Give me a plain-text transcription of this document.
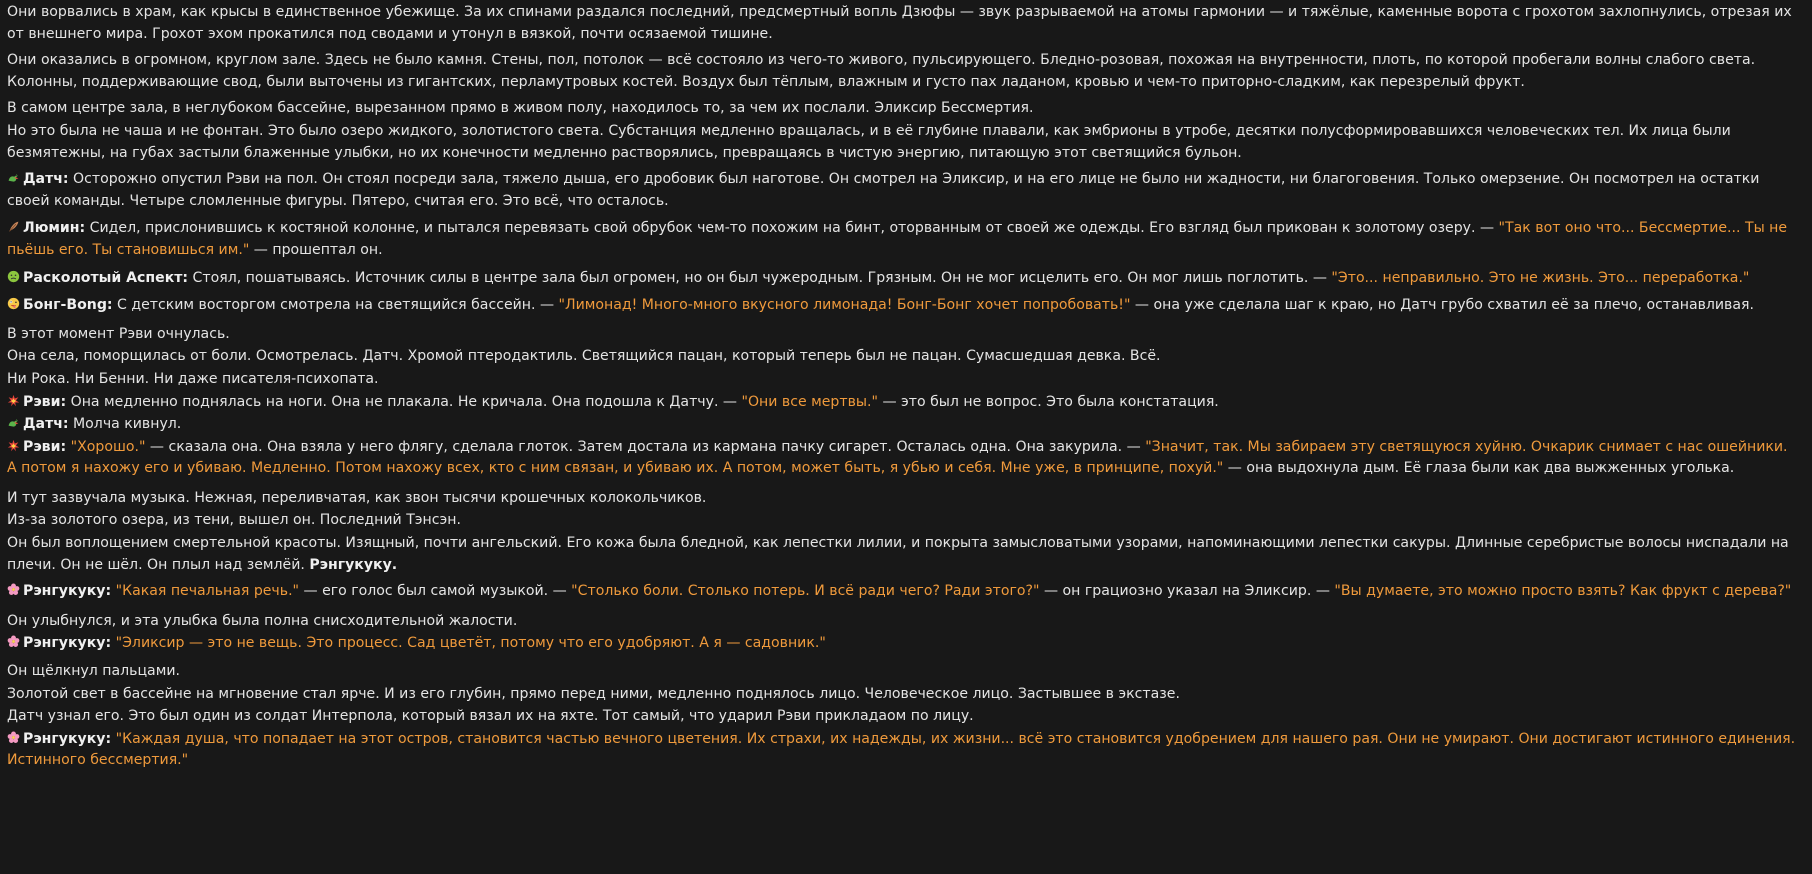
Они ворвались в храм, как крысы в единственное убежище. За их спинами раздался последний, предсмертный вопль Дзюфы — звук разрываемой на атомы гармонии — и тяжёлые, каменные ворота с грохотом захлопнулись, отрезая их от внешнего мира. Грохот эхом прокатился под сводами и утонул в вязкой, почти осязаемой тишине.
Они оказались в огромном, круглом зале. Здесь не было камня. Стены, пол, потолок — всё состояло из чего-то живого, пульсирующего. Бледно-розовая, похожая на внутренности, плоть, по которой пробегали волны слабого света. Колонны, поддерживающие свод, были выточены из гигантских, перламутровых костей. Воздух был тёплым, влажным и густо пах ладаном, кровью и чем-то приторно-сладким, как перезрелый фрукт.
В самом центре зала, в неглубоком бассейне, вырезанном прямо в живом полу, находилось то, за чем их послали. Эликсир Бессмертия.
Но это была не чаша и не фонтан. Это было озеро жидкого, золотистого света. Субстанция медленно вращалась, и в её глубине плавали, как эмбрионы в утробе, десятки полусформировавшихся человеческих тел. Их лица были безмятежны, на губах застыли блаженные улыбки, но их конечности медленно растворялись, превращаясь в чистую энергию, питающую этот светящийся бульон.
Датч: Осторожно опустил Рэви на пол. Он стоял посреди зала, тяжело дыша, его дробовик был наготове. Он смотрел на Эликсир, и на его лице не было ни жадности, ни благоговения. Только омерзение. Он посмотрел на остатки своей команды. Четыре сломленные фигуры. Пятеро, считая его. Это всё, что осталось.
Люмин: Сидел, прислонившись к костяной колонне, и пытался перевязать свой обрубок чем-то похожим на бинт, оторванным от своей же одежды. Его взгляд был прикован к золотому озеру. — "Так вот оно что... Бессмертие... Ты не пьёшь его. Ты становишься им." — прошептал он.
Расколотый Аспект: Стоял, пошатываясь. Источник силы в центре зала был огромен, но он был чужеродным. Грязным. Он не мог исцелить его. Он мог лишь поглотить. — "Это... неправильно. Это не жизнь. Это... переработка."
Бонг-Bong: С детским восторгом смотрела на светящийся бассейн. — "Лимонад! Много-много вкусного лимонада! Бонг-Бонг хочет попробовать!" — она уже сделала шаг к краю, но Датч грубо схватил её за плечо, останавливая.
В этот момент Рэви очнулась.
Она села, поморщилась от боли. Осмотрелась. Датч. Хромой птеродактиль. Светящийся пацан, который теперь был не пацан. Сумасшедшая девка. Всё.
Ни Рока. Ни Бенни. Ни даже писателя-психопата.
Рэви: Она медленно поднялась на ноги. Она не плакала. Не кричала. Она подошла к Датчу. — "Они все мертвы." — это был не вопрос. Это была констатация.
Датч: Молча кивнул.
Рэви: "Хорошо." — сказала она. Она взяла у него флягу, сделала глоток. Затем достала из кармана пачку сигарет. Осталась одна. Она закурила. — "Значит, так. Мы забираем эту светящуюся хуйню. Очкарик снимает с нас ошейники. А потом я нахожу его и убиваю. Медленно. Потом нахожу всех, кто с ним связан, и убиваю их. А потом, может быть, я убью и себя. Мне уже, в принципе, похуй." — она выдохнула дым. Её глаза были как два выжженных уголька.
И тут зазвучала музыка. Нежная, переливчатая, как звон тысячи крошечных колокольчиков.
Из-за золотого озера, из тени, вышел он. Последний Тэнсэн.
Он был воплощением смертельной красоты. Изящный, почти ангельский. Его кожа была бледной, как лепестки лилии, и покрыта замысловатыми узорами, напоминающими лепестки сакуры. Длинные серебристые волосы ниспадали на плечи. Он не шёл. Он плыл над землёй. Рэнгукуку.
Рэнгукуку: "Какая печальная речь." — его голос был самой музыкой. — "Столько боли. Столько потерь. И всё ради чего? Ради этого?" — он грациозно указал на Эликсир. — "Вы думаете, это можно просто взять? Как фрукт с дерева?"
Он улыбнулся, и эта улыбка была полна снисходительной жалости.
Рэнгукуку: "Эликсир — это не вещь. Это процесс. Сад цветёт, потому что его удобряют. А я — садовник."
Он щёлкнул пальцами.
Золотой свет в бассейне на мгновение стал ярче. И из его глубин, прямо перед ними, медленно поднялось лицо. Человеческое лицо. Застывшее в экстазе.
Датч узнал его. Это был один из солдат Интерпола, который вязал их на яхте. Тот самый, что ударил Рэви прикладаом по лицу.
Рэнгукуку: "Каждая душа, что попадает на этот остров, становится частью вечного цветения. Их страхи, их надежды, их жизни... всё это становится удобрением для нашего рая. Они не умирают. Они достигают истинного единения. Истинного бессмертия."
